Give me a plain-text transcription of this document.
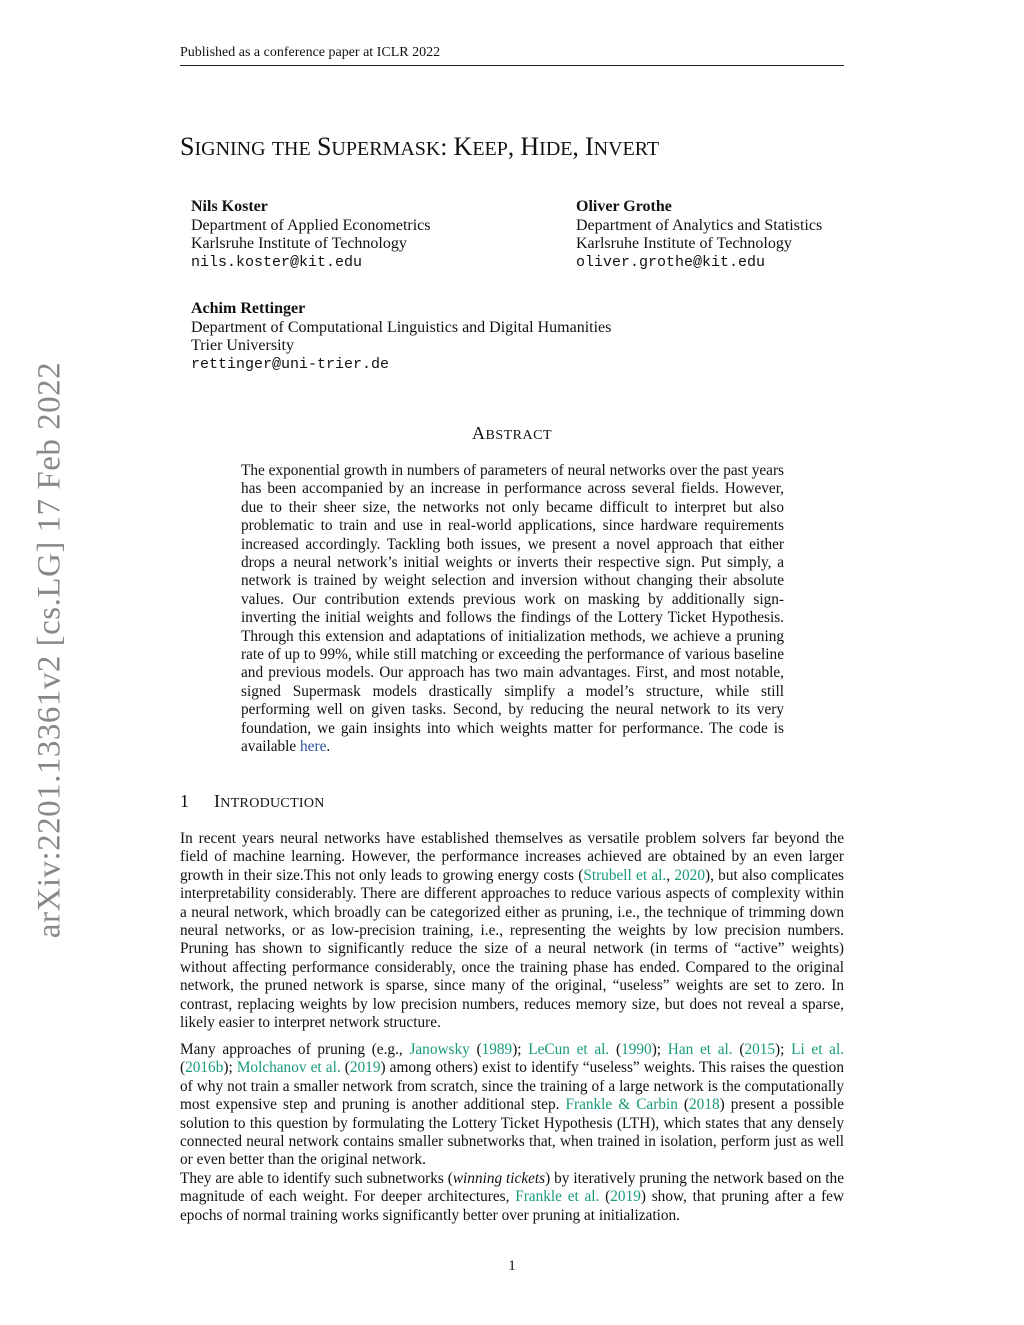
Published as a conference paper at ICLR 2022
arXiv:2201.13361v2 [cs.LG] 17 Feb 2022
SIGNING THE SUPERMASK: KEEP, HIDE, INVERT
Nils Koster
Department of Applied Econometrics
Karlsruhe Institute of Technology
nils.koster@kit.edu
Oliver Grothe
Department of Analytics and Statistics
Karlsruhe Institute of Technology
oliver.grothe@kit.edu
Achim Rettinger
Department of Computational Linguistics and Digital Humanities
Trier University
rettinger@uni-trier.de
ABSTRACT

The exponential growth in numbers of parameters of neural networks over the past years has been accompanied by an increase in performance across several fields. However, due to their sheer size, the networks not only became difficult to interpret but also problematic to train and use in real-world applications, since hardware requirements increased accordingly. Tackling both issues, we present a novel approach that either drops a neural network’s initial weights or inverts their respective sign. Put simply, a network is trained by weight selection and inversion without changing their absolute values. Our contribution extends previous work on masking by additionally sign-inverting the initial weights and follows the findings of the Lottery Ticket Hypothesis. Through this extension and adaptations of initialization methods, we achieve a pruning rate of up to 99%, while still matching or exceeding the performance of various baseline and previous models. Our approach has two main advantages. First, and most notable, signed Supermask models drastically simplify a model’s structure, while still performing well on given tasks. Second, by reducing the neural network to its very foundation, we gain insights into which weights matter for performance. The code is available here.

1 INTRODUCTION

In recent years neural networks have established themselves as versatile problem solvers far beyond the field of machine learning. However, the performance increases achieved are obtained by an even larger growth in their size.This not only leads to growing energy costs (Strubell et al., 2020), but also complicates interpretability considerably. There are different approaches to reduce various aspects of complexity within a neural network, which broadly can be categorized either as pruning, i.e., the technique of trimming down neural networks, or as low-precision training, i.e., representing the weights by low precision numbers. Pruning has shown to significantly reduce the size of a neural network (in terms of “active” weights) without affecting performance considerably, once the training phase has ended. Compared to the original network, the pruned network is sparse, since many of the original, “useless” weights are set to zero. In contrast, replacing weights by low precision numbers, reduces memory size, but does not reveal a sparse, likely easier to interpret network structure.

Many approaches of pruning (e.g., Janowsky (1989); LeCun et al. (1990); Han et al. (2015); Li et al. (2016b); Molchanov et al. (2019) among others) exist to identify “useless” weights. This raises the question of why not train a smaller network from scratch, since the training of a large network is the computationally most expensive step and pruning is another additional step. Frankle & Carbin (2018) present a possible solution to this question by formulating the Lottery Ticket Hypothesis (LTH), which states that any densely connected neural network contains smaller subnetworks that, when trained in isolation, perform just as well or even better than the original network.

They are able to identify such subnetworks (winning tickets) by iteratively pruning the network based on the magnitude of each weight. For deeper architectures, Frankle et al. (2019) show, that pruning after a few epochs of normal training works significantly better over pruning at initialization.

1
